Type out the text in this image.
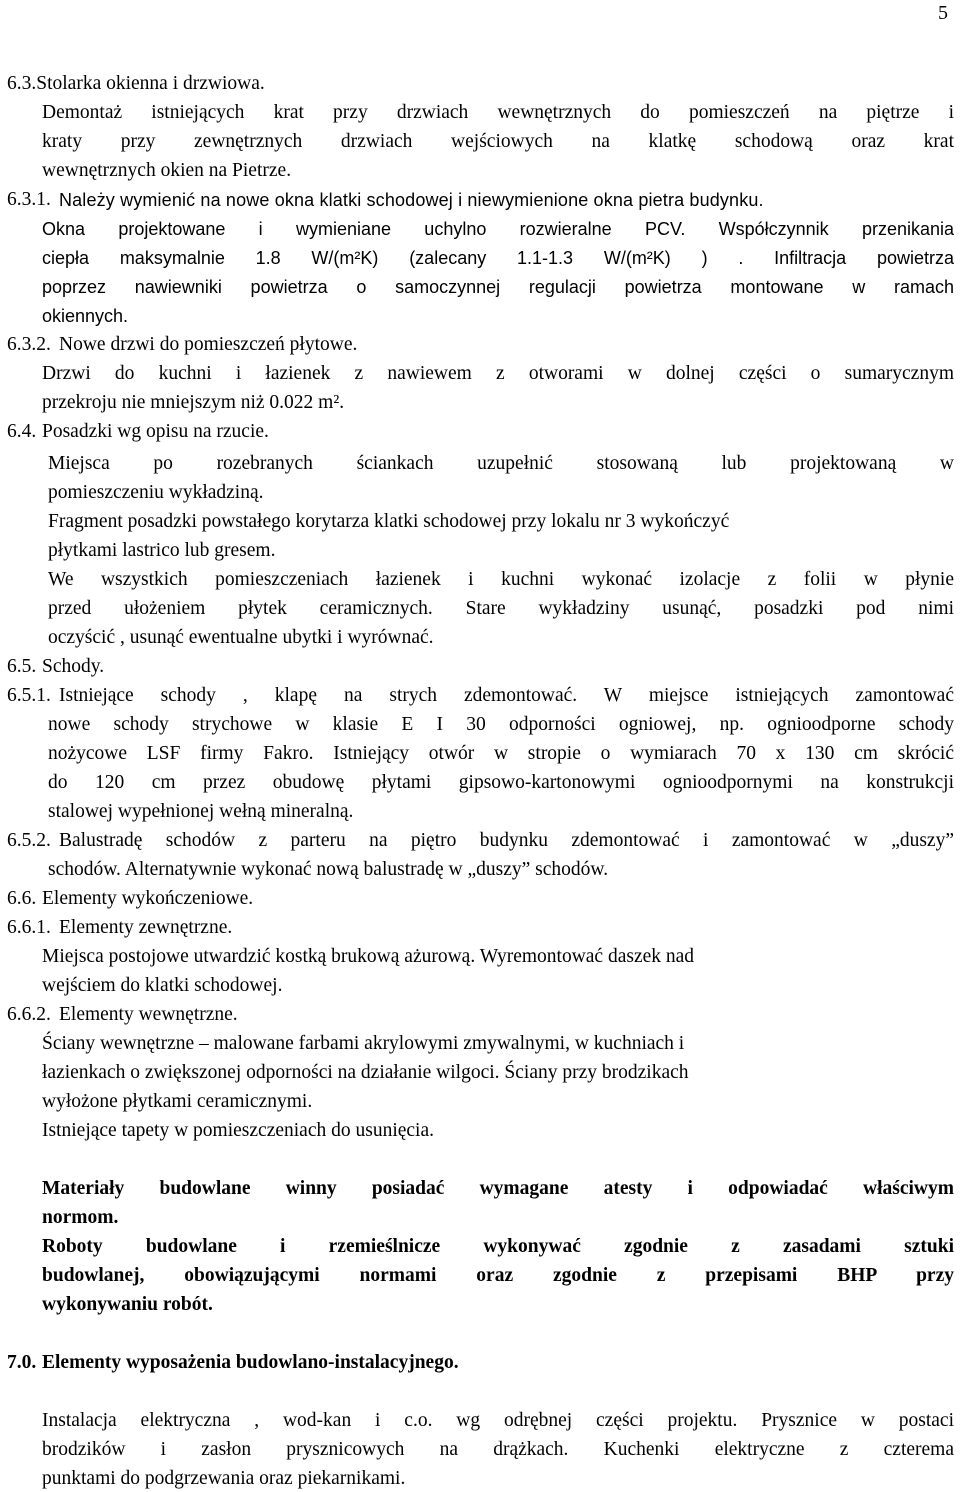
5
6.3.Stolarka okienna i drzwiowa.
Demontaż istniejących krat przy drzwiach wewnętrznych do pomieszczeń na piętrze i
kraty przy zewnętrznych drzwiach wejściowych na klatkę schodową oraz krat
wewnętrznych okien na Pietrze.
6.3.1. Należy wymienić na nowe okna klatki schodowej i niewymienione okna pietra budynku.
Okna projektowane i wymieniane uchylno rozwieralne PCV. Współczynnik przenikania
ciepła maksymalnie 1.8 W/(m²K) (zalecany 1.1-1.3 W/(m²K) ) . Infiltracja powietrza
poprzez nawiewniki powietrza o samoczynnej regulacji powietrza montowane w ramach
okiennych.
6.3.2. Nowe drzwi do pomieszczeń płytowe.
Drzwi do kuchni i łazienek z nawiewem z otworami w dolnej części o sumarycznym
przekroju nie mniejszym niż 0.022 m².
6.4. Posadzki wg opisu na rzucie.
Miejsca po rozebranych ściankach uzupełnić stosowaną lub projektowaną w
pomieszczeniu wykładziną.
Fragment posadzki powstałego korytarza klatki schodowej przy lokalu nr 3 wykończyć
płytkami lastrico lub gresem.
We wszystkich pomieszczeniach łazienek i kuchni wykonać izolacje z folii w płynie
przed ułożeniem płytek ceramicznych. Stare wykładziny usunąć, posadzki pod nimi
oczyścić , usunąć ewentualne ubytki i wyrównać.
6.5. Schody.
6.5.1. Istniejące schody , klapę na strych zdemontować. W miejsce istniejących zamontować
nowe schody strychowe w klasie E I 30 odporności ogniowej, np. ognioodporne schody
nożycowe LSF firmy Fakro. Istniejący otwór w stropie o wymiarach 70 x 130 cm skrócić
do 120 cm przez obudowę płytami gipsowo-kartonowymi ognioodpornymi na konstrukcji
stalowej wypełnionej wełną mineralną.
6.5.2. Balustradę schodów z parteru na piętro budynku zdemontować i zamontować w „duszy”
schodów. Alternatywnie wykonać nową balustradę w „duszy” schodów.
6.6. Elementy wykończeniowe.
6.6.1. Elementy zewnętrzne.
Miejsca postojowe utwardzić kostką brukową ażurową. Wyremontować daszek nad
wejściem do klatki schodowej.
6.6.2. Elementy wewnętrzne.
Ściany wewnętrzne – malowane farbami akrylowymi zmywalnymi, w kuchniach i
łazienkach o zwiększonej odporności na działanie wilgoci. Ściany przy brodzikach
wyłożone płytkami ceramicznymi.
Istniejące tapety w pomieszczeniach do usunięcia.
Materiały budowlane winny posiadać wymagane atesty i odpowiadać właściwym
normom.
Roboty budowlane i rzemieślnicze wykonywać zgodnie z zasadami sztuki
budowlanej, obowiązującymi normami oraz zgodnie z przepisami BHP przy
wykonywaniu robót.
7.0. Elementy wyposażenia budowlano-instalacyjnego.
Instalacja elektryczna , wod-kan i c.o. wg odrębnej części projektu. Prysznice w postaci
brodzików i zasłon prysznicowych na drążkach. Kuchenki elektryczne z czterema
punktami do podgrzewania oraz piekarnikami.
